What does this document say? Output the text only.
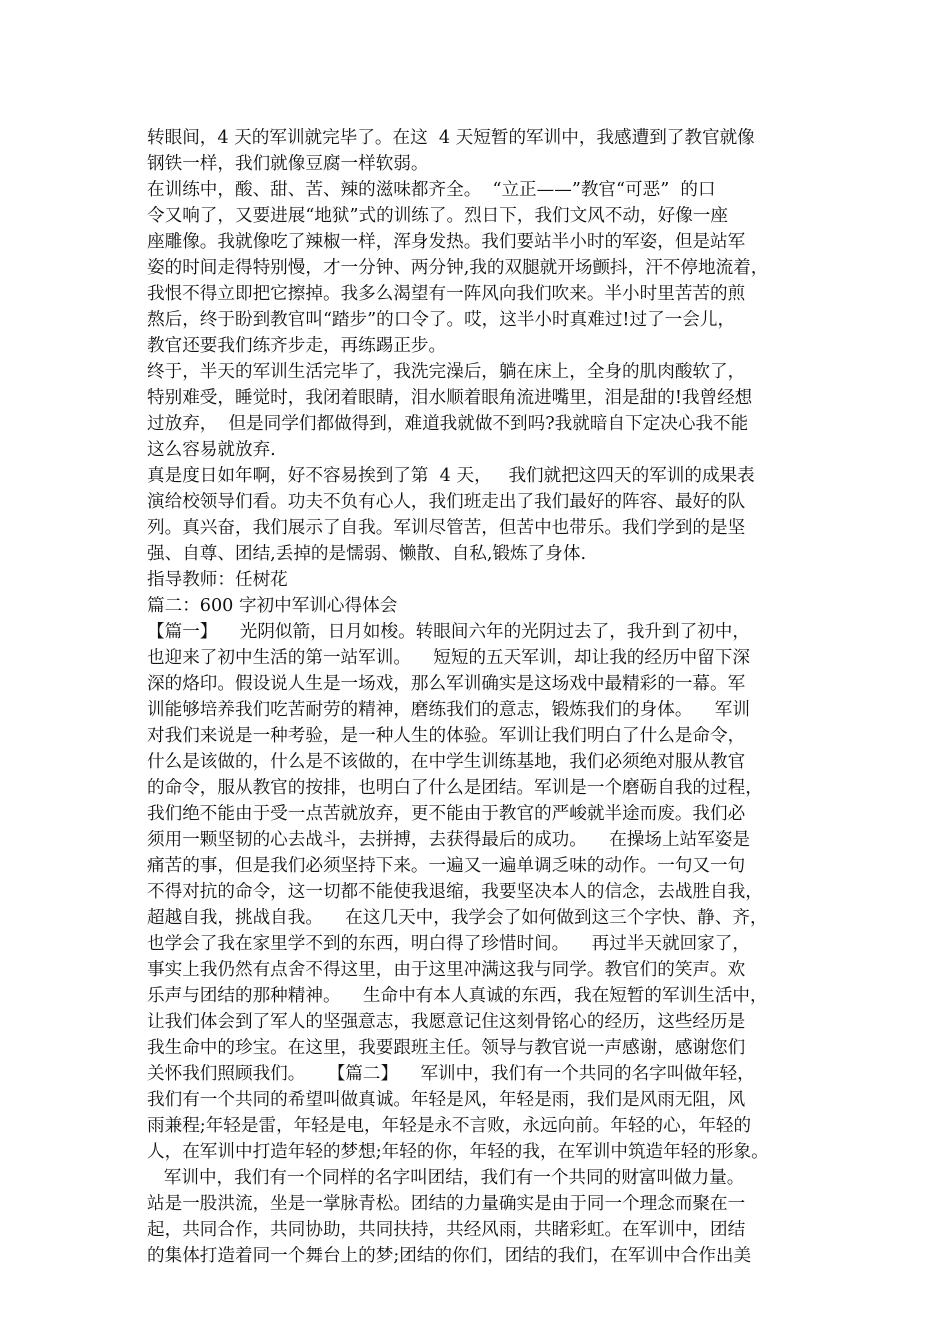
转眼间，4 天的军训就完毕了。在这  4 天短暂的军训中，我感遭到了教官就像
钢铁一样，我们就像豆腐一样软弱。
在训练中，酸、甜、苦、辣的滋味都齐全。  “立正——”教官“可恶”  的口
令又响了，又要进展“地狱”式的训练了。烈日下，我们文风不动，好像一座
座雕像。我就像吃了辣椒一样，浑身发热。我们要站半小时的军姿，但是站军
姿的时间走得特别慢，才一分钟、两分钟,我的双腿就开场颤抖，汗不停地流着，
我恨不得立即把它擦掉。我多么渴望有一阵风向我们吹来。半小时里苦苦的煎
熬后，终于盼到教官叫“踏步”的口令了。哎，这半小时真难过!过了一会儿，
教官还要我们练齐步走，再练踢正步。
终于，半天的军训生活完毕了，我洗完澡后，躺在床上，全身的肌肉酸软了，
特别难受，睡觉时，我闭着眼睛，泪水顺着眼角流进嘴里，泪是甜的!我曾经想
过放弃，  但是同学们都做得到，难道我就做不到吗?我就暗自下定决心我不能
这么容易就放弃.
真是度日如年啊，好不容易挨到了第  4 天，   我们就把这四天的军训的成果表
演给校领导们看。功夫不负有心人，我们班走出了我们最好的阵容、最好的队
列。真兴奋，我们展示了自我。军训尽管苦，但苦中也带乐。我们学到的是坚
强、自尊、团结,丢掉的是懦弱、懒散、自私,锻炼了身体.
指导教师：任树花
篇二：600 字初中军训心得体会
【篇一】    光阴似箭，日月如梭。转眼间六年的光阴过去了，我升到了初中，
也迎来了初中生活的第一站军训。    短短的五天军训，却让我的经历中留下深
深的烙印。假设说人生是一场戏，那么军训确实是这场戏中最精彩的一幕。军
训能够培养我们吃苦耐劳的精神，磨练我们的意志，锻炼我们的身体。    军训
对我们来说是一种考验，是一种人生的体验。军训让我们明白了什么是命令，
什么是该做的，什么是不该做的，在中学生训练基地，我们必须绝对服从教官
的命令，服从教官的按排，也明白了什么是团结。军训是一个磨砺自我的过程，
我们绝不能由于受一点苦就放弃，更不能由于教官的严峻就半途而废。我们必
须用一颗坚韧的心去战斗，去拼搏，去获得最后的成功。    在操场上站军姿是
痛苦的事，但是我们必须坚持下来。一遍又一遍单调乏味的动作。一句又一句
不得对抗的命令，这一切都不能使我退缩，我要坚决本人的信念，去战胜自我，
超越自我，挑战自我。    在这几天中，我学会了如何做到这三个字快、静、齐，
也学会了我在家里学不到的东西，明白得了珍惜时间。    再过半天就回家了，
事实上我仍然有点舍不得这里，由于这里冲满这我与同学。教官们的笑声。欢
乐声与团结的那种精神。    生命中有本人真诚的东西，我在短暂的军训生活中，
让我们体会到了军人的坚强意志，我愿意记住这刻骨铭心的经历，这些经历是
我生命中的珍宝。在这里，我要跟班主任。领导与教官说一声感谢，感谢您们
关怀我们照顾我们。    【篇二】    军训中，我们有一个共同的名字叫做年轻，
我们有一个共同的希望叫做真诚。年轻是风，年轻是雨，我们是风雨无阻，风
雨兼程;年轻是雷，年轻是电，年轻是永不言败，永远向前。年轻的心，年轻的
人，在军训中打造年轻的梦想;年轻的你，年轻的我，在军训中筑造年轻的形象。
军训中，我们有一个同样的名字叫团结，我们有一个共同的财富叫做力量。
站是一股洪流，坐是一掌脉青松。团结的力量确实是由于同一个理念而聚在一
起，共同合作，共同协助，共同扶持，共经风雨，共睹彩虹。在军训中，团结
的集体打造着同一个舞台上的梦;团结的你们，团结的我们，在军训中合作出美
